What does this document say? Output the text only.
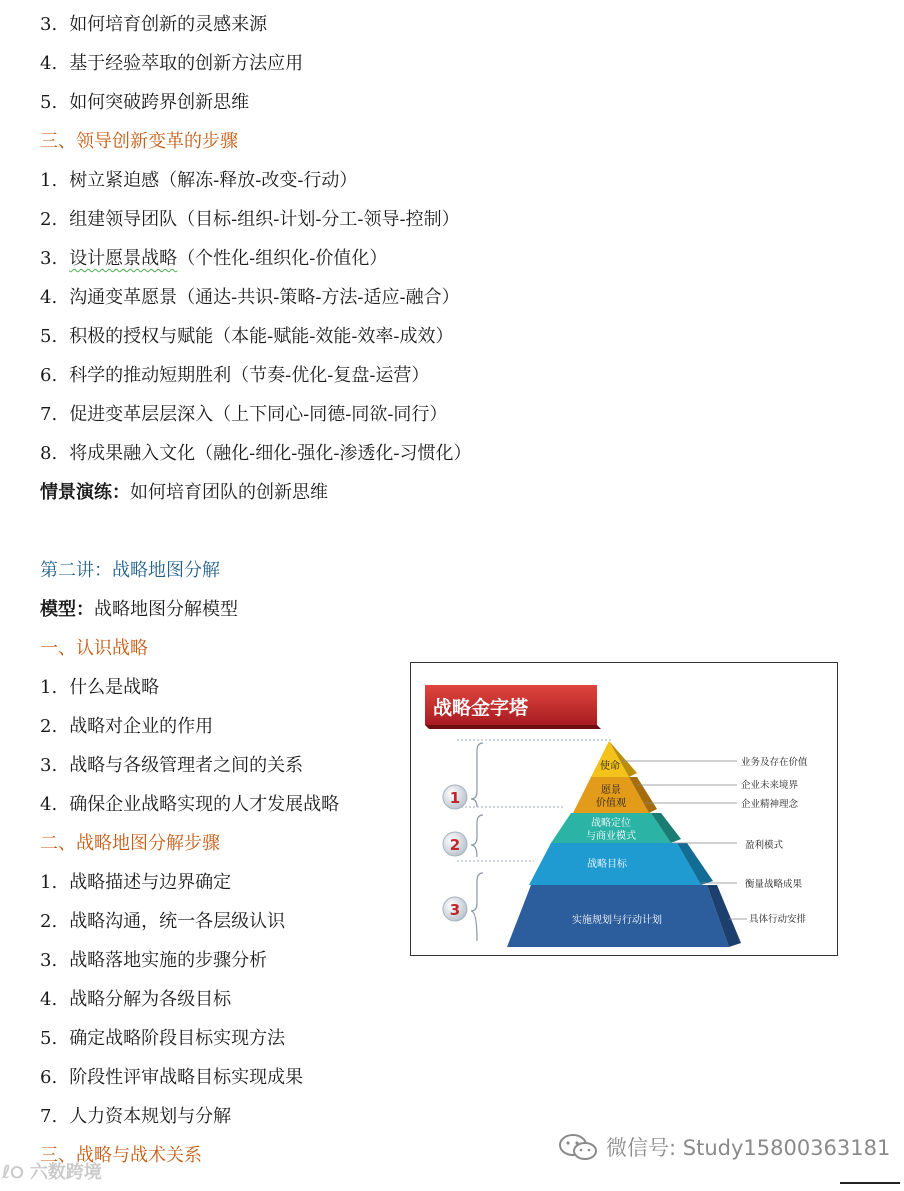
3. 如何培育创新的灵感来源
4. 基于经验萃取的创新方法应用
5. 如何突破跨界创新思维
三、领导创新变革的步骤
1. 树立紧迫感（解冻-释放-改变-行动）
2. 组建领导团队（目标-组织-计划-分工-领导-控制）
3. 设计愿景战略（个性化-组织化-价值化）
4. 沟通变革愿景（通达-共识-策略-方法-适应-融合）
5. 积极的授权与赋能（本能-赋能-效能-效率-成效）
6. 科学的推动短期胜利（节奏-优化-复盘-运营）
7. 促进变革层层深入（上下同心-同德-同欲-同行）
8. 将成果融入文化（融化-细化-强化-渗透化-习惯化）
情景演练：如何培育团队的创新思维
第二讲：战略地图分解
模型：战略地图分解模型
一、认识战略
1. 什么是战略
2. 战略对企业的作用
3. 战略与各级管理者之间的关系
4. 确保企业战略实现的人才发展战略
二、战略地图分解步骤
1. 战略描述与边界确定
2. 战略沟通，统一各层级认识
3. 战略落地实施的步骤分析
4. 战略分解为各级目标
5. 确定战略阶段目标实现方法
6. 阶段性评审战略目标实现成果
7. 人力资本规划与分解
三、战略与战术关系
战略金字塔
1
2
3
使命
愿景
价值观
战略定位
与商业模式
战略目标
实施规划与行动计划
业务及存在价值
企业未来境界
企业精神理念
盈利模式
衡量战略成果
具体行动安排
微信号: Study15800363181
ℓ୦ 六数跨境
